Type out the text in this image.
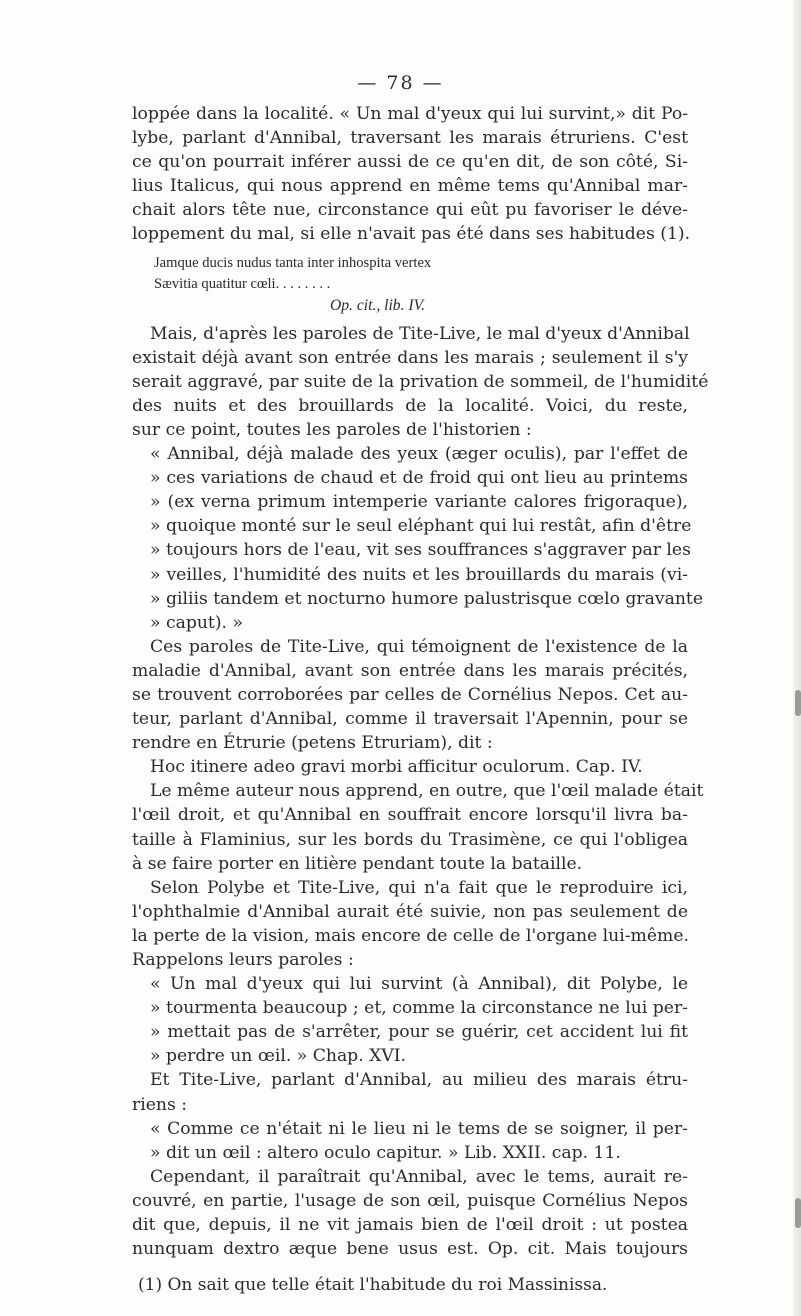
— 78 —
loppée dans la localité. « Un mal d'yeux qui lui survint,» dit Po-
lybe, parlant d'Annibal, traversant les marais étruriens. C'est
ce qu'on pourrait inférer aussi de ce qu'en dit, de son côté, Si-
lius Italicus, qui nous apprend en même tems qu'Annibal mar-
chait alors tête nue, circonstance qui eût pu favoriser le déve-
loppement du mal, si elle n'avait pas été dans ses habitudes (1).
Jamque ducis nudus tanta inter inhospita vertex
Sævitia quatitur cœli. . . . . . . .
Op. cit., lib. IV.
Mais, d'après les paroles de Tite-Live, le mal d'yeux d'Annibal
existait déjà avant son entrée dans les marais ; seulement il s'y
serait aggravé, par suite de la privation de sommeil, de l'humidité
des nuits et des brouillards de la localité. Voici, du reste,
sur ce point, toutes les paroles de l'historien :
« Annibal, déjà malade des yeux (æger oculis), par l'effet de
» ces variations de chaud et de froid qui ont lieu au printems
» (ex verna primum intemperie variante calores frigoraque),
» quoique monté sur le seul eléphant qui lui restât, afin d'être
» toujours hors de l'eau, vit ses souffrances s'aggraver par les
» veilles, l'humidité des nuits et les brouillards du marais (vi-
» giliis tandem et nocturno humore palustrisque cœlo gravante
» caput). »
Ces paroles de Tite-Live, qui témoignent de l'existence de la
maladie d'Annibal, avant son entrée dans les marais précités,
se trouvent corroborées par celles de Cornélius Nepos. Cet au-
teur, parlant d'Annibal, comme il traversait l'Apennin, pour se
rendre en Étrurie (petens Etruriam), dit :
Hoc itinere adeo gravi morbi afficitur oculorum. Cap. IV.
Le même auteur nous apprend, en outre, que l'œil malade était
l'œil droit, et qu'Annibal en souffrait encore lorsqu'il livra ba-
taille à Flaminius, sur les bords du Trasimène, ce qui l'obligea
à se faire porter en litière pendant toute la bataille.
Selon Polybe et Tite-Live, qui n'a fait que le reproduire ici,
l'ophthalmie d'Annibal aurait été suivie, non pas seulement de
la perte de la vision, mais encore de celle de l'organe lui-même.
Rappelons leurs paroles :
« Un mal d'yeux qui lui survint (à Annibal), dit Polybe, le
» tourmenta beaucoup ; et, comme la circonstance ne lui per-
» mettait pas de s'arrêter, pour se guérir, cet accident lui fit
» perdre un œil. » Chap. XVI.
Et Tite-Live, parlant d'Annibal, au milieu des marais étru-
riens :
« Comme ce n'était ni le lieu ni le tems de se soigner, il per-
» dit un œil : altero oculo capitur. » Lib. XXII. cap. 11.
Cependant, il paraîtrait qu'Annibal, avec le tems, aurait re-
couvré, en partie, l'usage de son œil, puisque Cornélius Nepos
dit que, depuis, il ne vit jamais bien de l'œil droit : ut postea
nunquam dextro æque bene usus est. Op. cit. Mais toujours
(1) On sait que telle était l'habitude du roi Massinissa.
